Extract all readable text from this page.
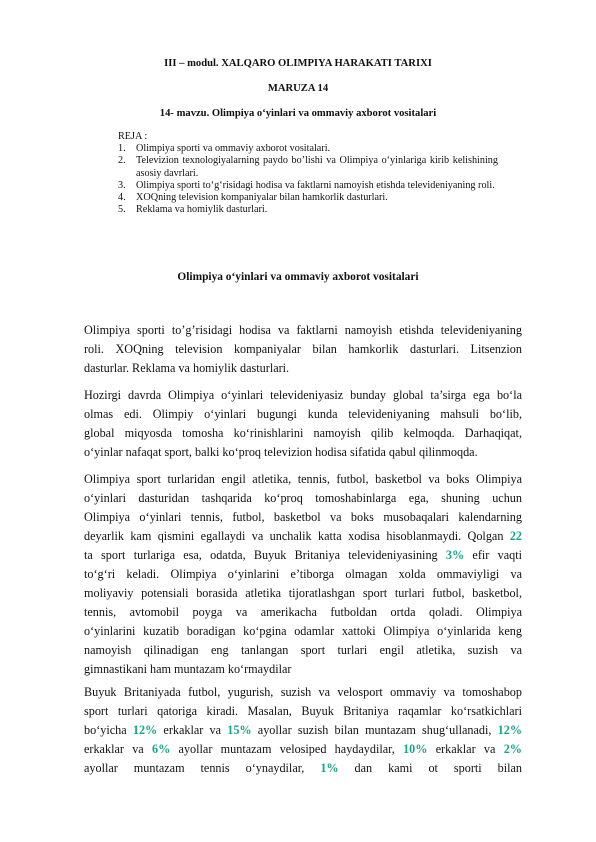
III – modul. XALQARO OLIMPIYA HARAKATI TARIXI
MARUZA 14
14- mavzu. Olimpiya o‘yinlari va ommaviy axborot vositalari
REJA :
1.	Olimpiya sporti va ommaviy axborot vositalari.
2.	Televizion texnologiyalarning paydo bo’lishi va Olimpiya o‘yinlariga kirib kelishining asosiy davrlari.
3.	Olimpiya sporti to‘g‘risidagi hodisa va faktlarni namoyish etishda televideniyaning roli.
4.	XOQning television kompaniyalar bilan hamkorlik dasturlari.
5.	Reklama va homiylik dasturlari.
Olimpiya o‘yinlari va ommaviy axborot vositalari
Olimpiya sporti to’g’risidagi hodisa va faktlarni namoyish etishda televideniyaning
roli. XOQning television kompaniyalar bilan hamkorlik dasturlari. Litsenzion
dasturlar. Reklama va homiylik dasturlari.
Hozirgi davrda Olimpiya o‘yinlari televideniyasiz bunday global ta’sirga ega bo‘la
olmas edi. Olimpiy o‘yinlari bugungi kunda televideniyaning mahsuli bo‘lib,
global miqyosda tomosha ko‘rinishlarini namoyish qilib kelmoqda. Darhaqiqat,
o‘yinlar nafaqat sport, balki ko‘proq televizion hodisa sifatida qabul qilinmoqda.
Olimpiya sport turlaridan engil atletika, tennis, futbol, basketbol va boks Olimpiya
o‘yinlari dasturidan tashqarida ko‘proq tomoshabinlarga ega, shuning uchun
Olimpiya o‘yinlari tennis, futbol, basketbol va boks musobaqalari kalendarning
deyarlik kam qismini egallaydi va unchalik katta xodisa hisoblanmaydi. Qolgan 22
ta sport turlariga esa, odatda, Buyuk Britaniya televideniyasining 3% efir vaqti
to‘g‘ri keladi. Olimpiya o‘yinlarini e’tiborga olmagan xolda ommaviyligi va
moliyaviy potensiali borasida atletika tijoratlashgan sport turlari futbol, basketbol,
tennis, avtomobil poyga va amerikacha futboldan ortda qoladi. Olimpiya
o‘yinlarini kuzatib boradigan ko‘pgina odamlar xattoki Olimpiya o‘yinlarida keng
namoyish qilinadigan eng tanlangan sport turlari engil atletika, suzish va
gimnastikani ham muntazam ko‘rmaydilar
Buyuk Britaniyada futbol, yugurish, suzish va velosport ommaviy va tomoshabop
sport turlari qatoriga kiradi. Masalan, Buyuk Britaniya raqamlar ko‘rsatkichlari
bo‘yicha 12% erkaklar va 15% ayollar suzish bilan muntazam shug‘ullanadi, 12%
erkaklar va 6% ayollar muntazam velosiped haydaydilar, 10% erkaklar va 2%
ayollar muntazam tennis o‘ynaydilar, 1% dan kami ot sporti bilan
